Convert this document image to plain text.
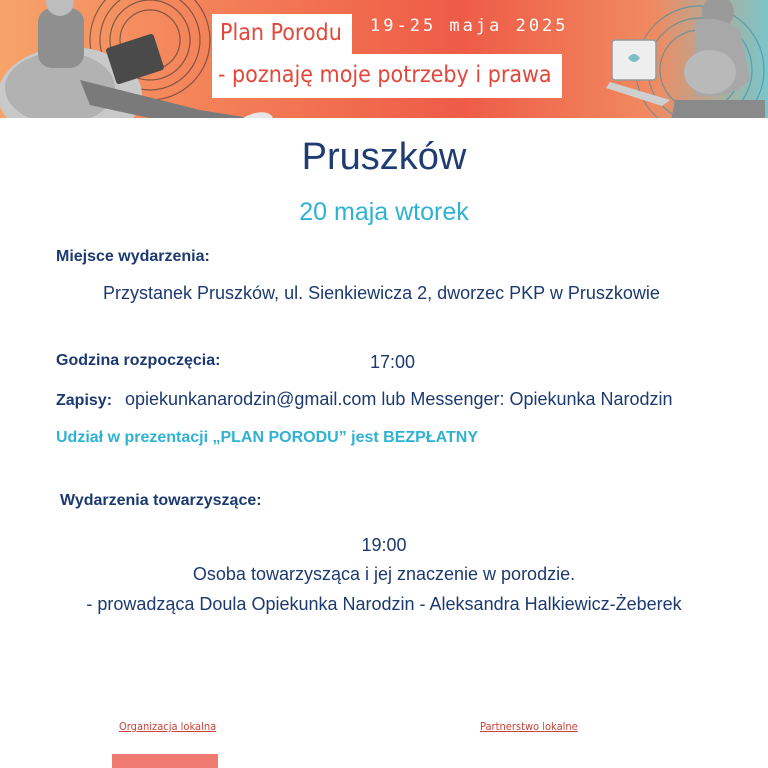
Plan Porodu
- poznaję moje potrzeby i prawa
19-25 maja 2025
Pruszków
20 maja wtorek
Miejsce wydarzenia:
Przystanek Pruszków, ul. Sienkiewicza 2, dworzec PKP w Pruszkowie
Godzina rozpoczęcia:	17:00
Zapisy: opiekunkanarodzin@gmail.com lub Messenger: Opiekunka Narodzin
Udział w prezentacji „PLAN PORODU” jest BEZPŁATNY
Wydarzenia towarzyszące:
19:00
Osoba towarzysząca i jej znaczenie w porodzie.
- prowadząca Doula Opiekunka Narodzin - Aleksandra Halkiewicz-Żeberek
Organizacja lokalna	Partnerstwo lokalne
